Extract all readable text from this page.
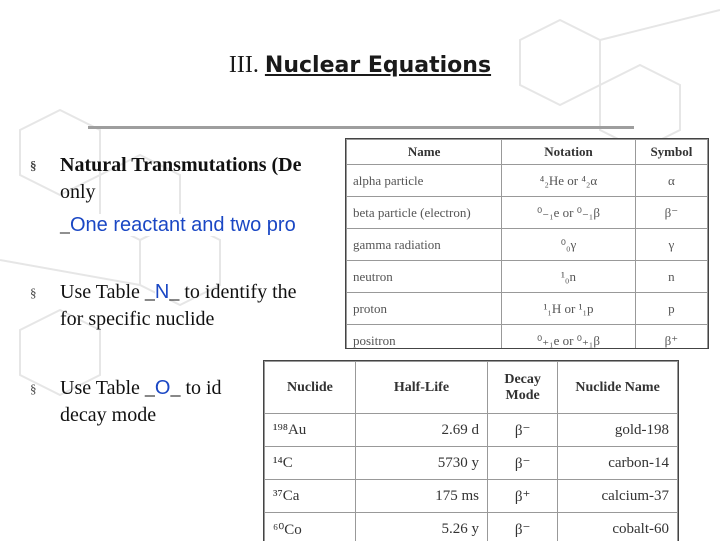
III. Nuclear Equations
§ Natural Transmutations (De
only
_One reactant and two pro
§ Use Table _N_ to identify the
for specific nuclide
§ Use Table _O_ to id
decay mode
Name	Notation	Symbol
alpha particle	⁴₂He or ⁴₂α	α
beta particle (electron)	⁰₋₁e or ⁰₋₁β	β⁻
gamma radiation	⁰₀γ	γ
neutron	¹₀n	n
proton	¹₁H or ¹₁p	p
positron	⁰₊₁e or ⁰₊₁β	β⁺
Nuclide	Half-Life	Decay Mode	Nuclide Name
¹⁹⁸Au	2.69 d	β⁻	gold-198
¹⁴C	5730 y	β⁻	carbon-14
³⁷Ca	175 ms	β⁺	calcium-37
⁶⁰Co	5.26 y	β⁻	cobalt-60
